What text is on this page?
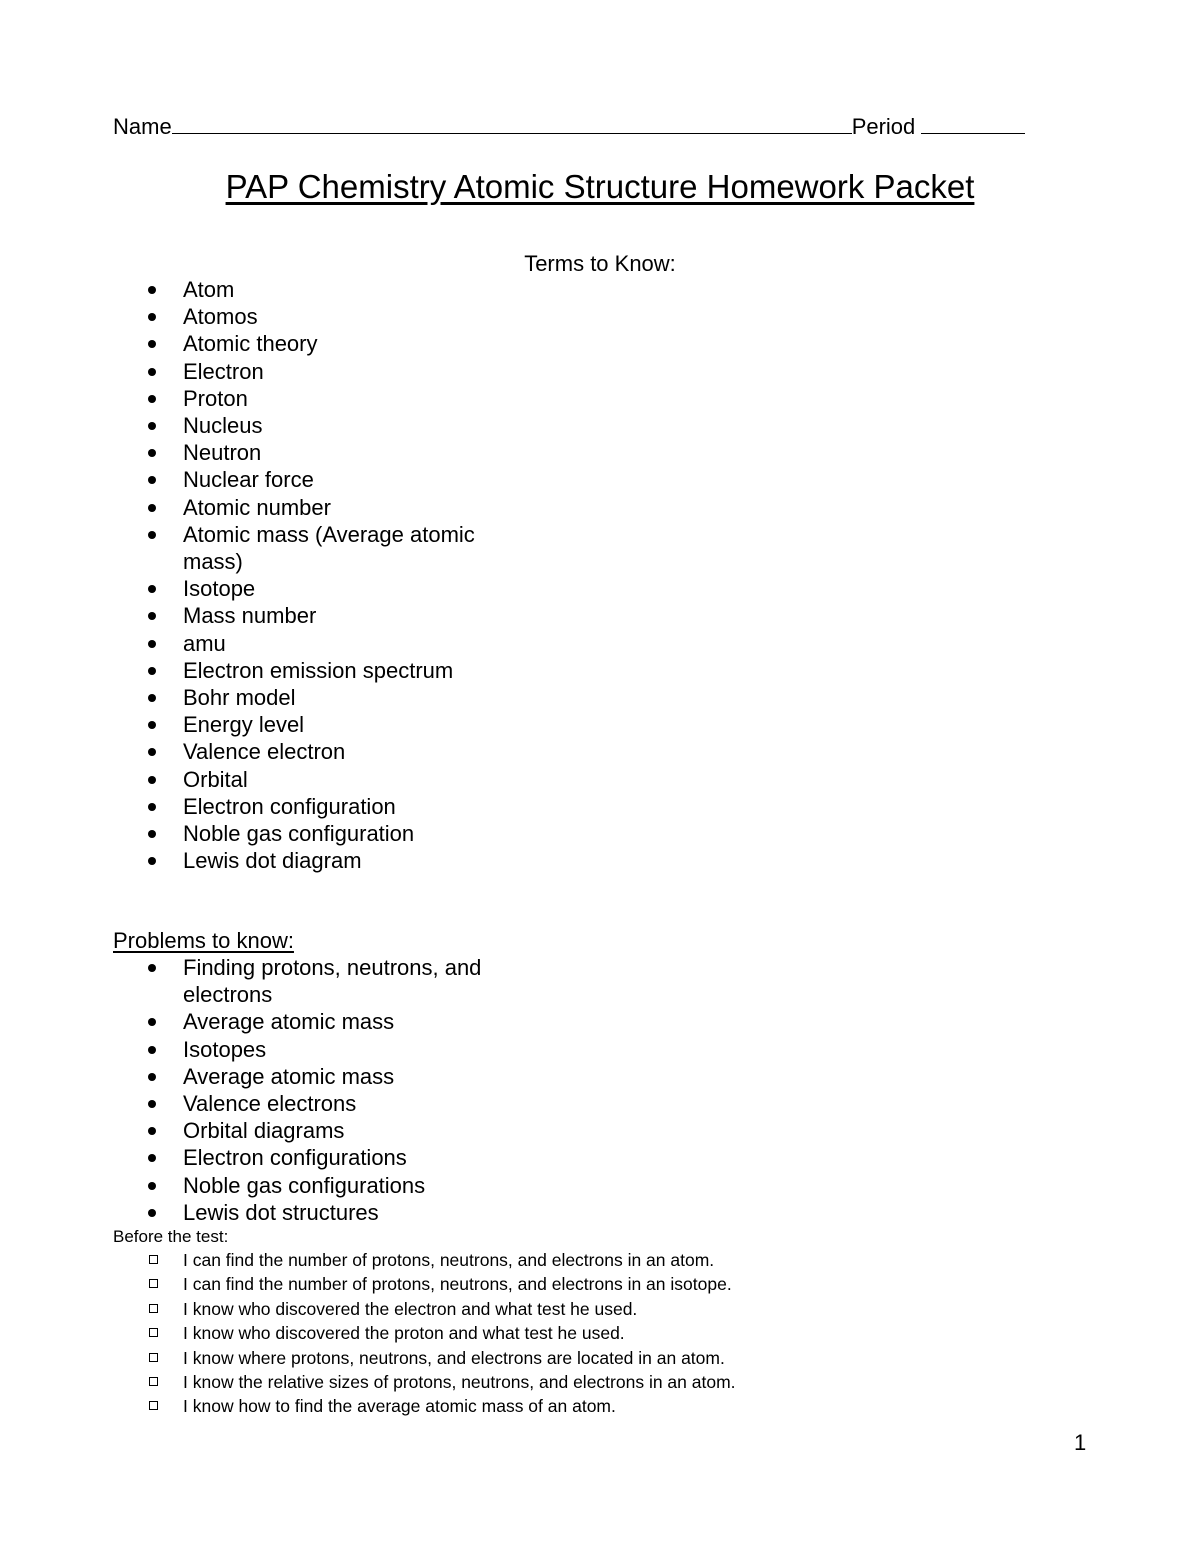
Name	Period
PAP Chemistry Atomic Structure Homework Packet
Terms to Know:
Atom
Atomos
Atomic theory
Electron
Proton
Nucleus
Neutron
Nuclear force
Atomic number
Atomic mass (Average atomic mass)
Isotope
Mass number
amu
Electron emission spectrum
Bohr model
Energy level
Valence electron
Orbital
Electron configuration
Noble gas configuration
Lewis dot diagram
Problems to know:
Finding protons, neutrons, and electrons
Average atomic mass
Isotopes
Average atomic mass
Valence electrons
Orbital diagrams
Electron configurations
Noble gas configurations
Lewis dot structures
Before the test:
I can find the number of protons, neutrons, and electrons in an atom.
I can find the number of protons, neutrons, and electrons in an isotope.
I know who discovered the electron and what test he used.
I know who discovered the proton and what test he used.
I know where protons, neutrons, and electrons are located in an atom.
I know the relative sizes of protons, neutrons, and electrons in an atom.
I know how to find the average atomic mass of an atom.
1
